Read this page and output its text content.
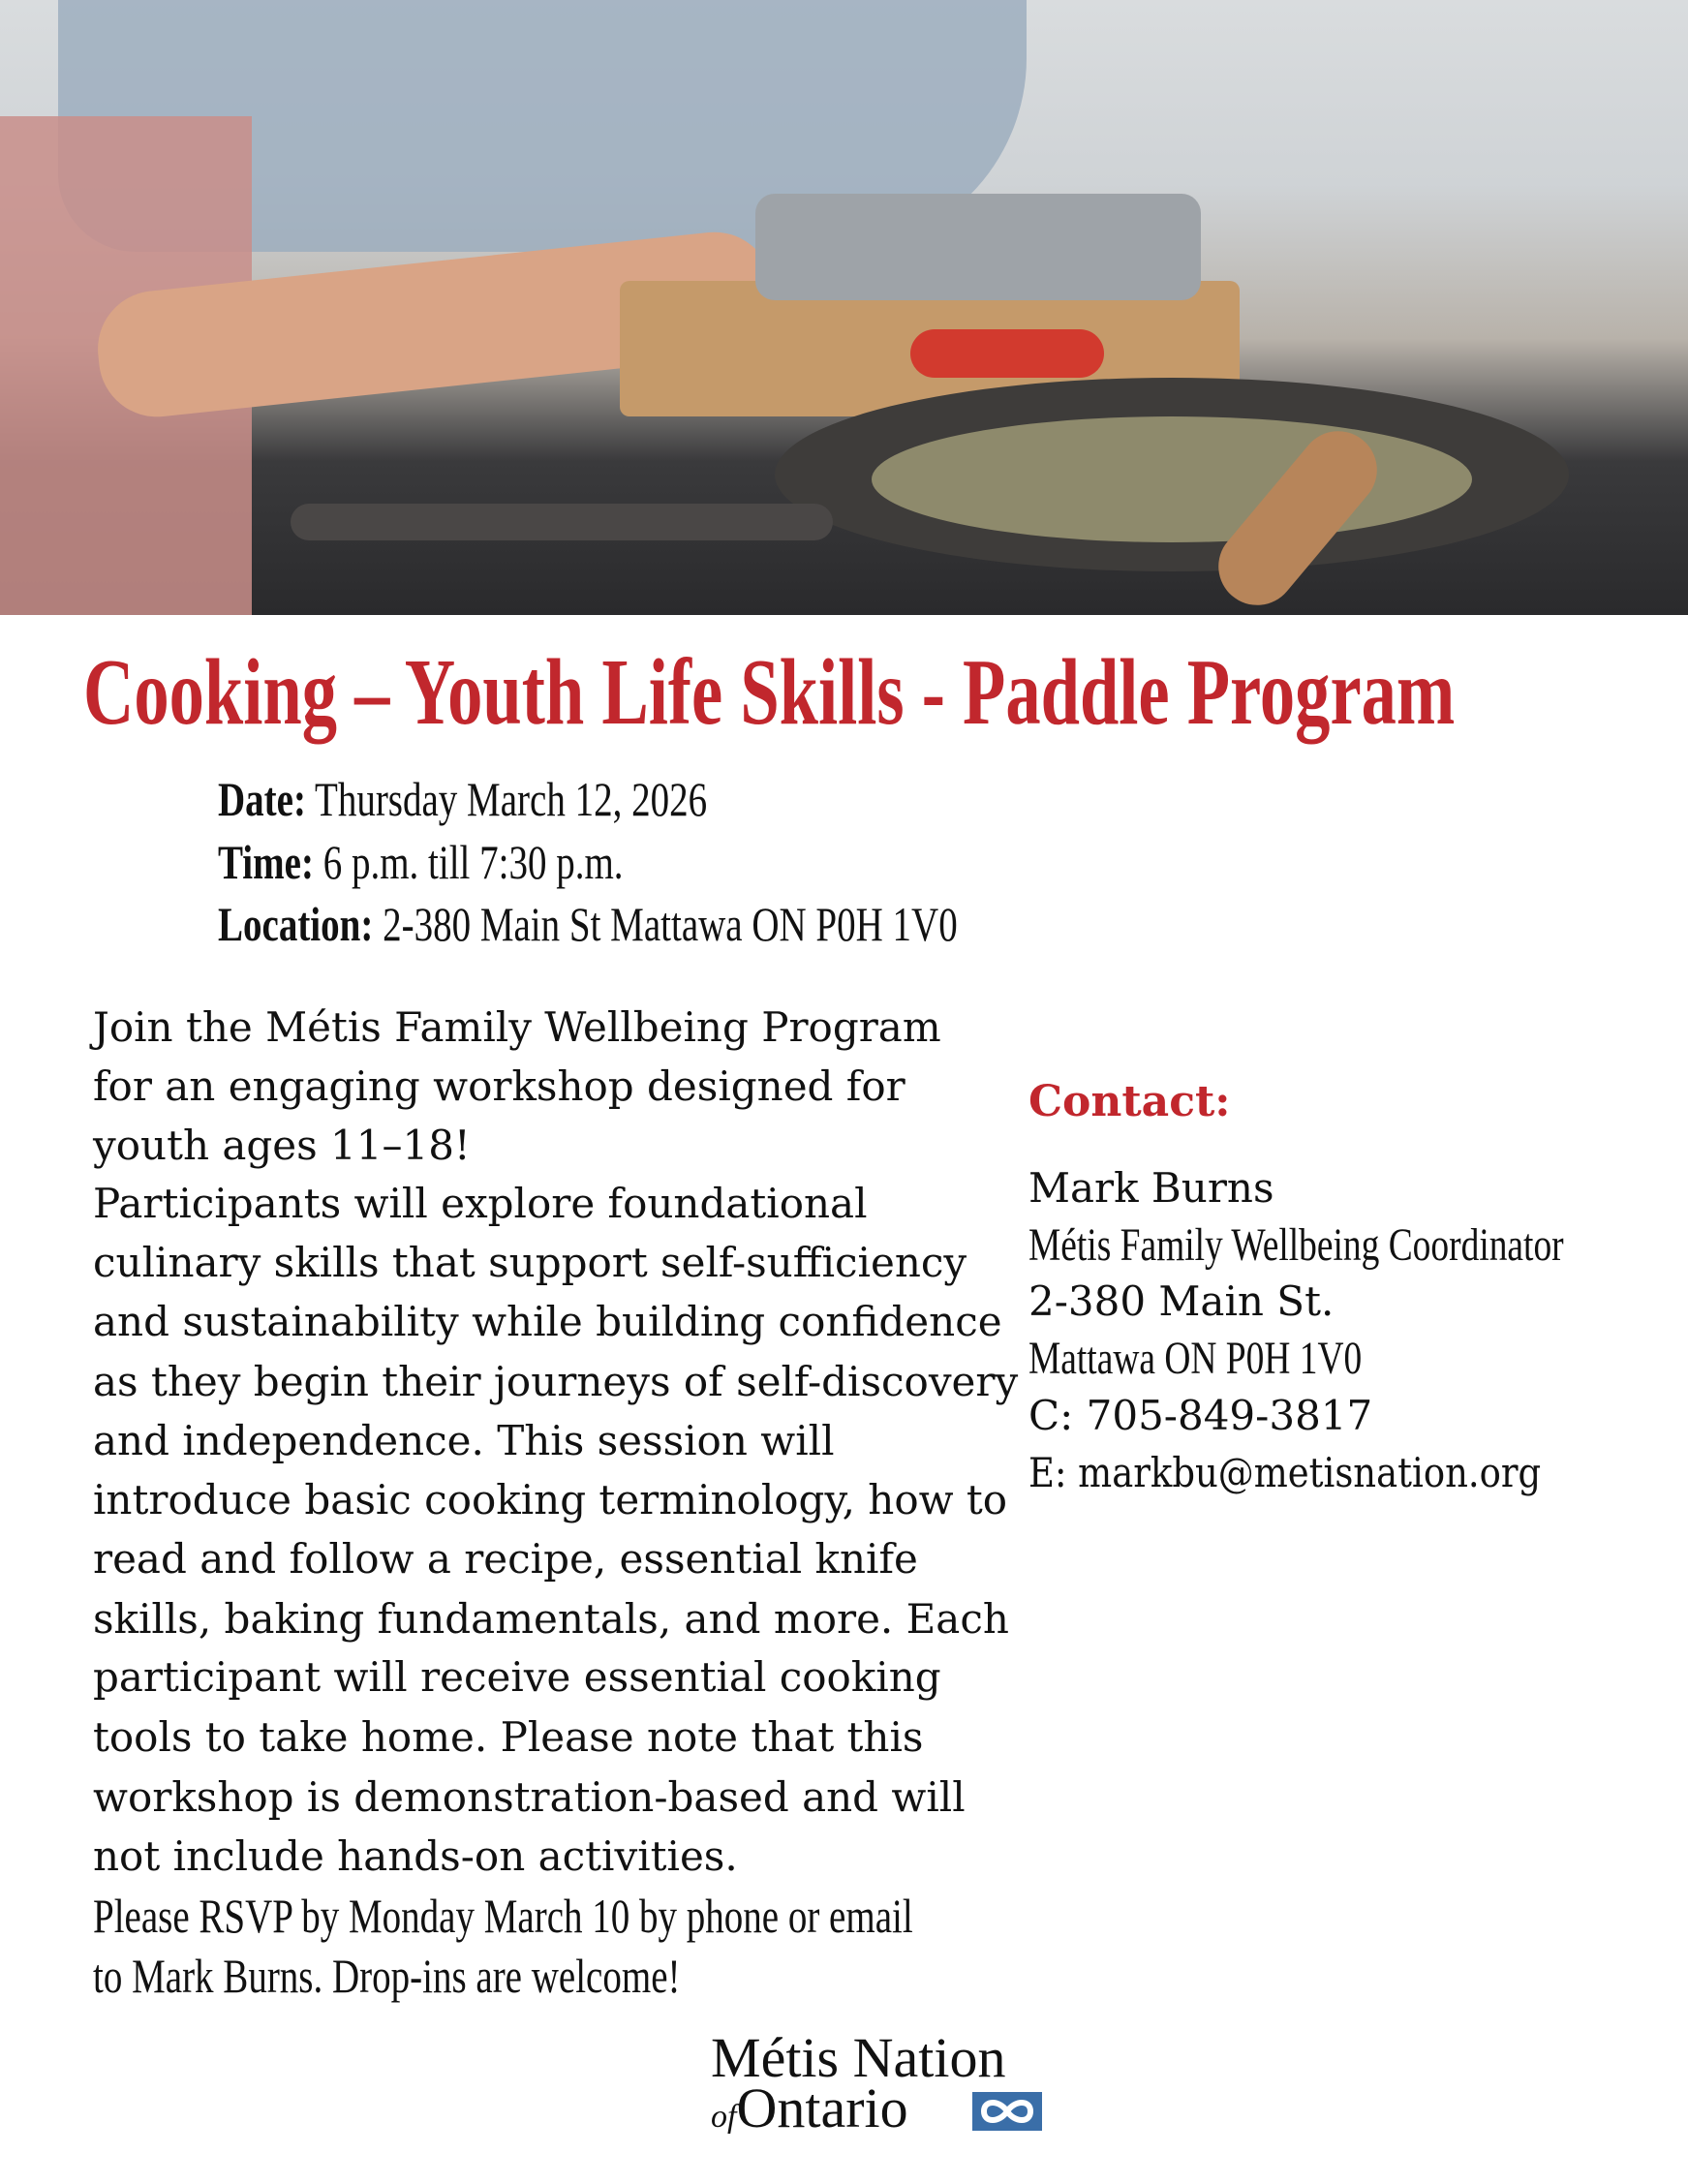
Cooking – Youth Life Skills - Paddle Program
Date: Thursday March 12, 2026
Time: 6 p.m. till 7:30 p.m.
Location: 2-380 Main St Mattawa ON P0H 1V0
Join the Métis Family Wellbeing Program
for an engaging workshop designed for
youth ages 11–18!
Participants will explore foundational
culinary skills that support self-sufficiency
and sustainability while building confidence
as they begin their journeys of self-discovery
and independence. This session will
introduce basic cooking terminology, how to
read and follow a recipe, essential knife
skills, baking fundamentals, and more. Each
participant will receive essential cooking
tools to take home. Please note that this
workshop is demonstration-based and will
not include hands-on activities.
Please RSVP by Monday March 10 by phone or email
to Mark Burns. Drop-ins are welcome!
Contact:
Mark Burns
Métis Family Wellbeing Coordinator
2-380 Main St.
Mattawa ON P0H 1V0
C: 705-849-3817
E: markbu@metisnation.org
Métis Nation
ofOntario
